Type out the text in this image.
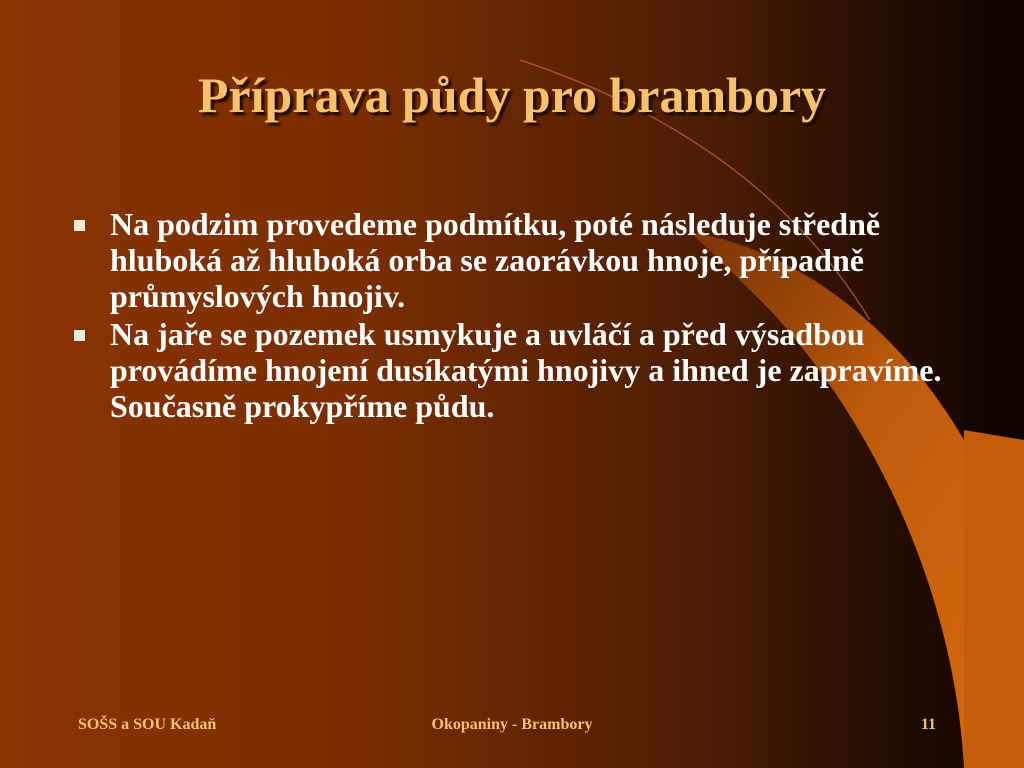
Příprava půdy pro brambory
Na podzim provedeme podmítku, poté následuje středně hluboká až hluboká orba se zaorávkou hnoje, případně průmyslových hnojiv.
Na jaře se pozemek usmykuje a uvláčí a před výsadbou provádíme hnojení dusíkatými hnojivy a ihned je zapravíme. Současně prokypříme půdu.
SOŠS a SOU Kadaň	Okopaniny - Brambory	11
